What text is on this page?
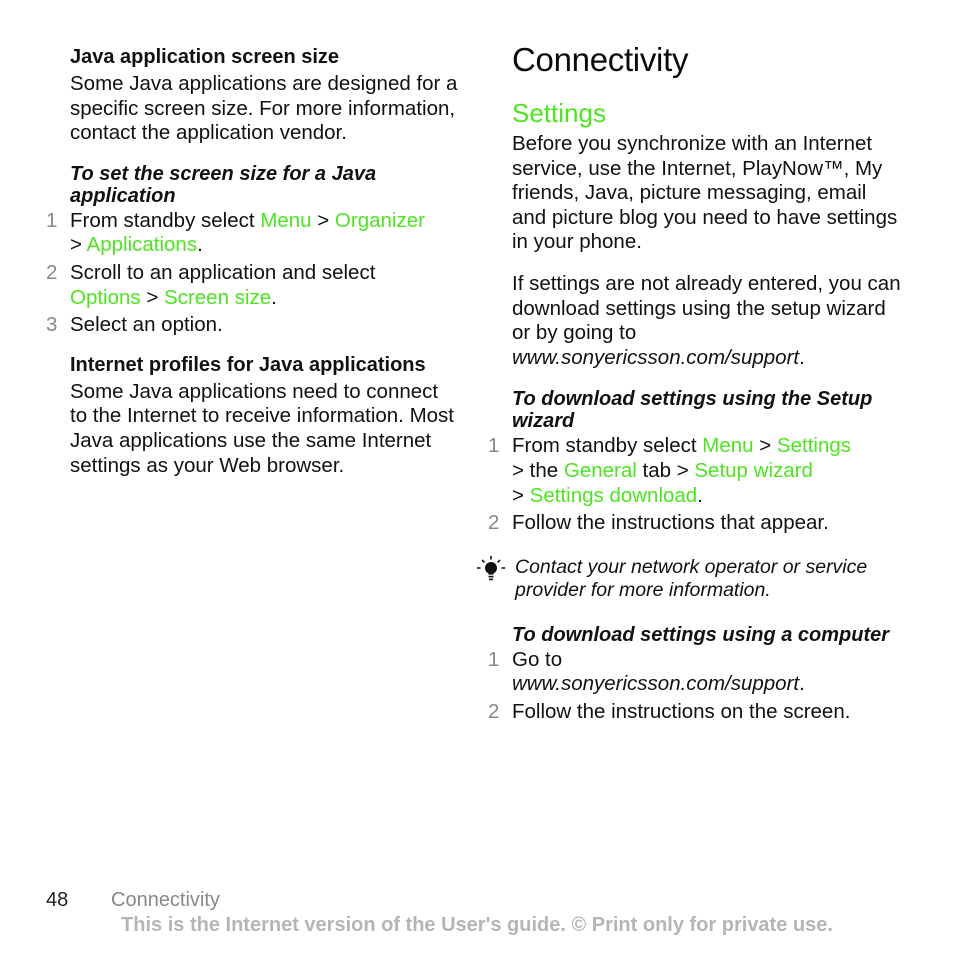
Java application screen size

Some Java applications are designed for a specific screen size. For more information, contact the application vendor.

To set the screen size for a Java application
1 From standby select Menu > Organizer
> Applications.
2 Scroll to an application and select
Options > Screen size.
3 Select an option.
Internet profiles for Java applications

Some Java applications need to connect to the Internet to receive information. Most Java applications use the same Internet settings as your Web browser.

Connectivity
Settings

Before you synchronize with an Internet service, use the Internet, PlayNow™, My friends, Java, picture messaging, email and picture blog you need to have settings in your phone.

If settings are not already entered, you can download settings using the setup wizard or by going to www.sonyericsson.com/support.

To download settings using the Setup wizard
1 From standby select Menu > Settings
> the General tab > Setup wizard
> Settings download.
2 Follow the instructions that appear.
Contact your network operator or service provider for more information.
To download settings using a computer
1 Go to
www.sonyericsson.com/support.
2 Follow the instructions on the screen.
48 Connectivity
This is the Internet version of the User's guide. © Print only for private use.
